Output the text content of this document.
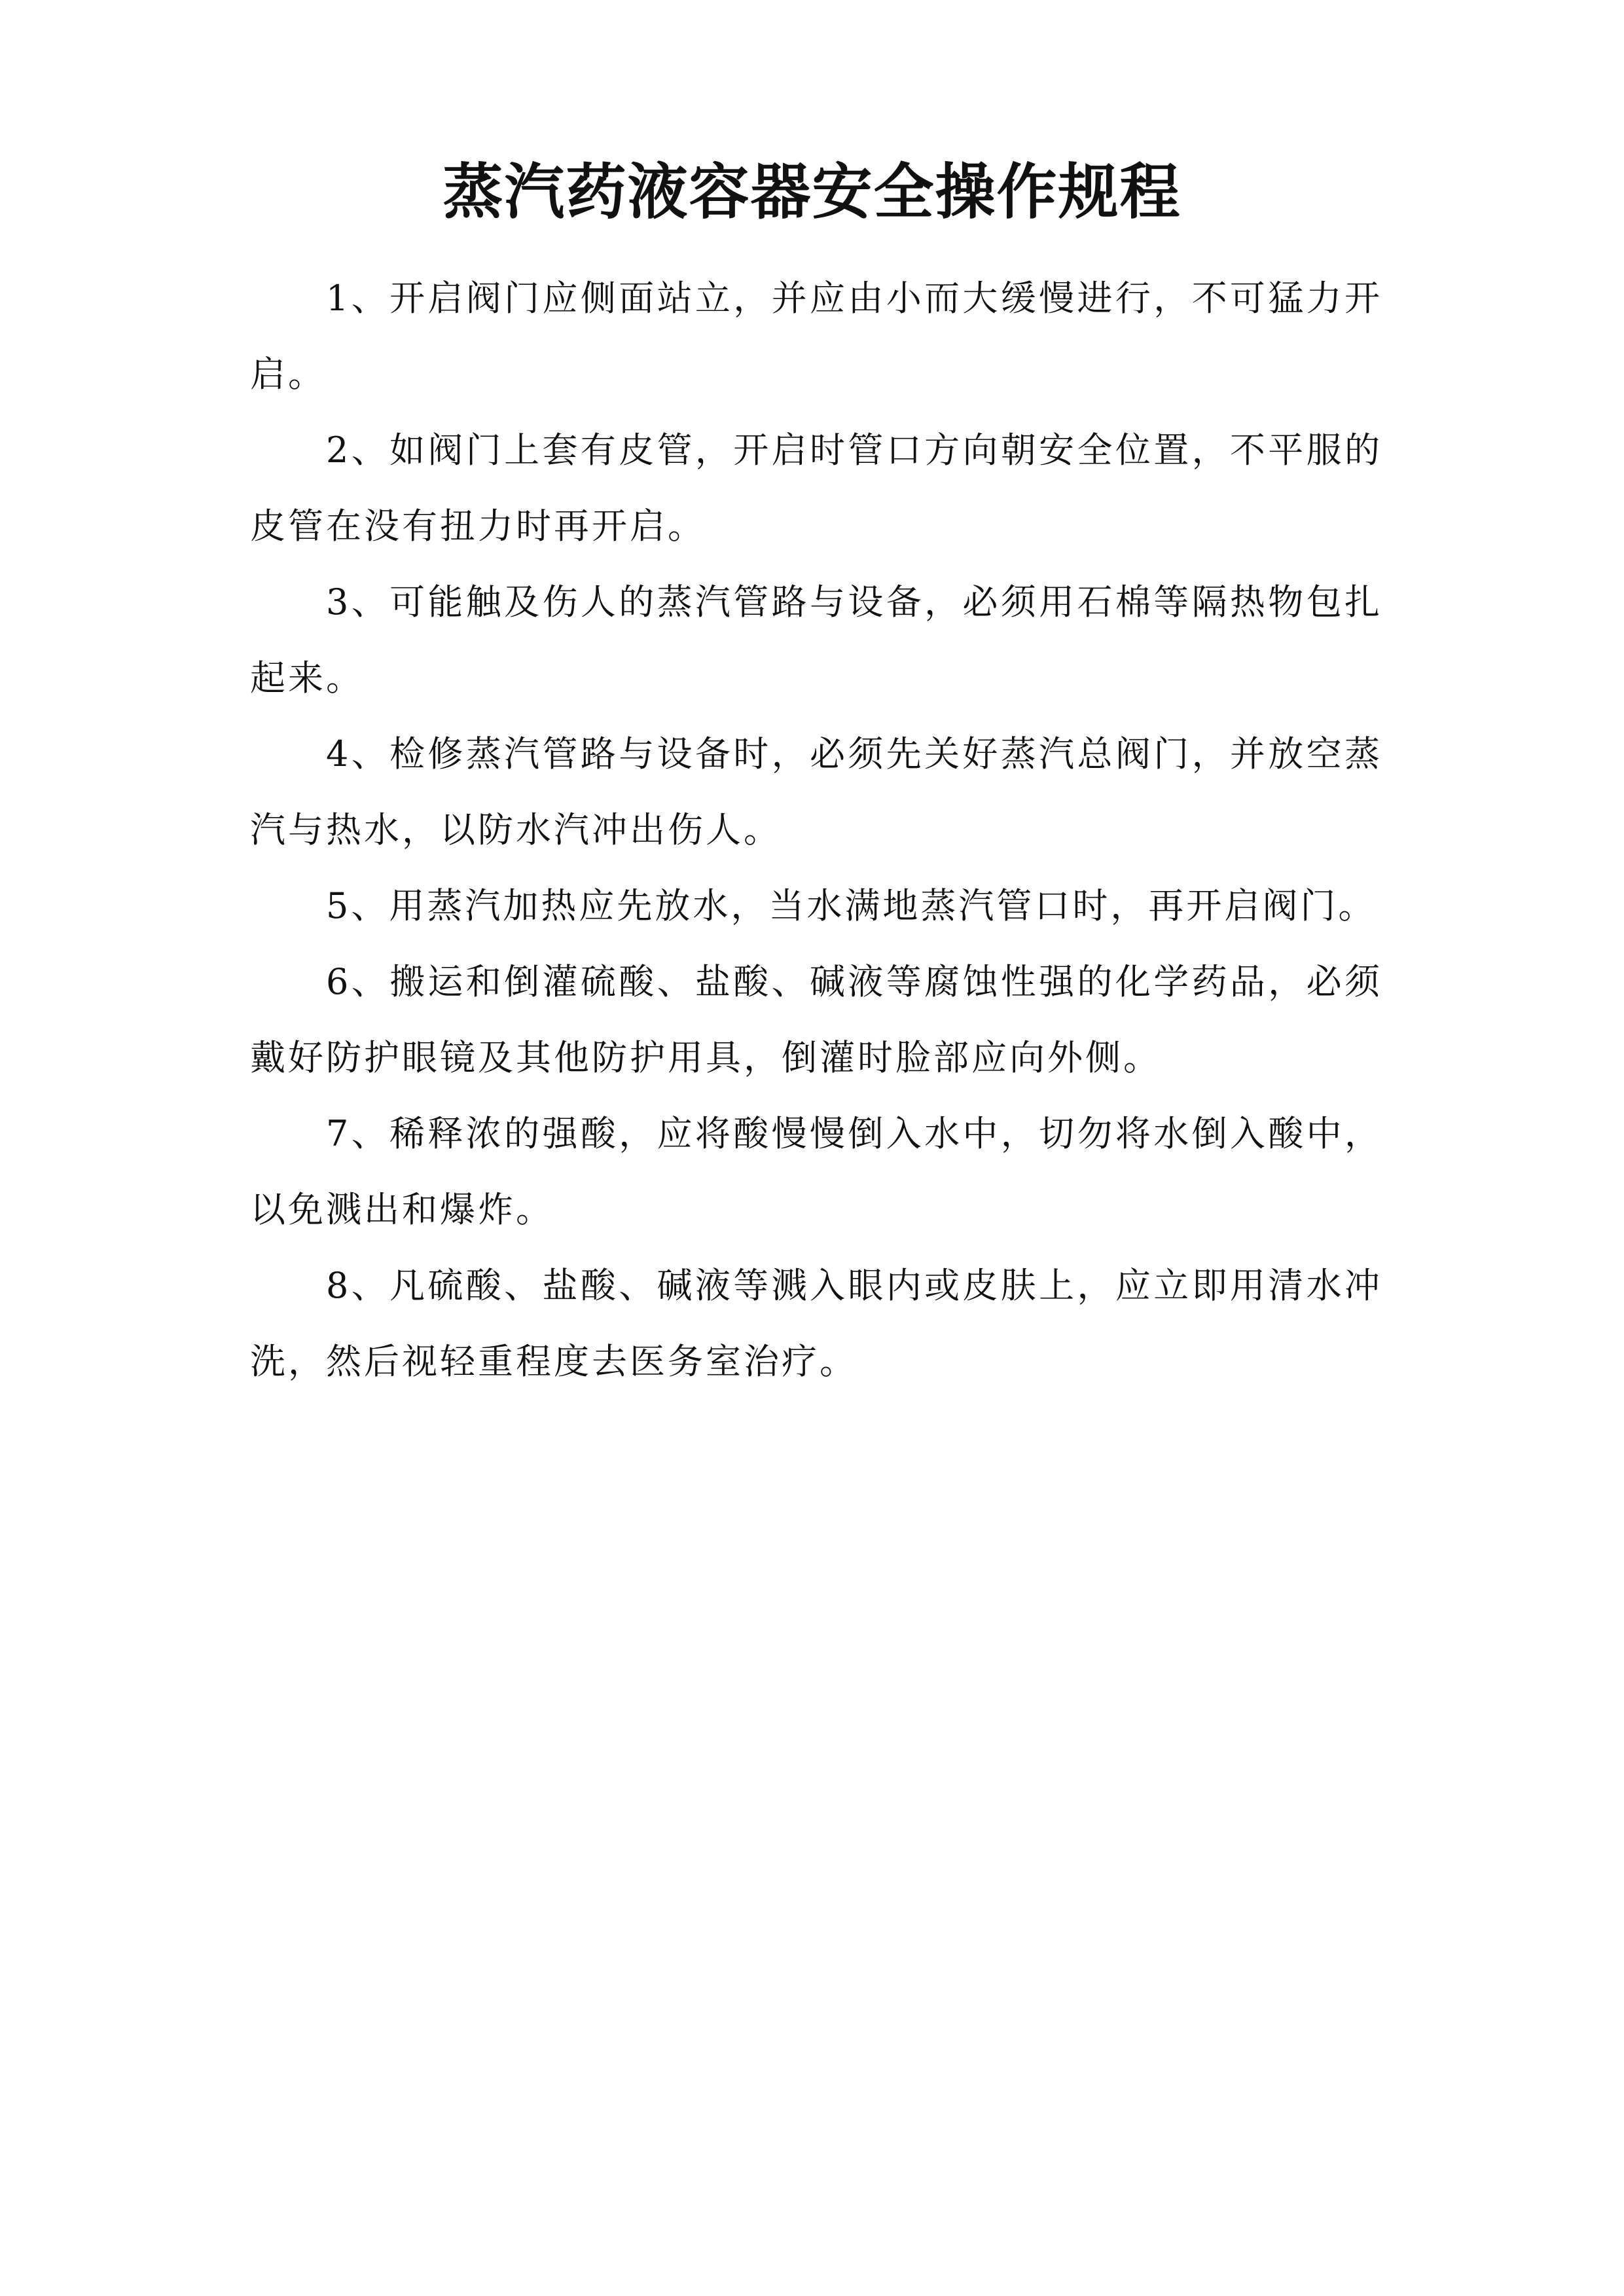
蒸汽药液容器安全操作规程

1、开启阀门应侧面站立，并应由小而大缓慢进行，不可猛力开启。

2、如阀门上套有皮管，开启时管口方向朝安全位置，不平服的皮管在没有扭力时再开启。

3、可能触及伤人的蒸汽管路与设备，必须用石棉等隔热物包扎起来。

4、检修蒸汽管路与设备时，必须先关好蒸汽总阀门，并放空蒸汽与热水，以防水汽冲出伤人。

5、用蒸汽加热应先放水，当水满地蒸汽管口时，再开启阀门。

6、搬运和倒灌硫酸、盐酸、碱液等腐蚀性强的化学药品，必须戴好防护眼镜及其他防护用具，倒灌时脸部应向外侧。

7、稀释浓的强酸，应将酸慢慢倒入水中，切勿将水倒入酸中，以免溅出和爆炸。

8、凡硫酸、盐酸、碱液等溅入眼内或皮肤上，应立即用清水冲洗，然后视轻重程度去医务室治疗。
